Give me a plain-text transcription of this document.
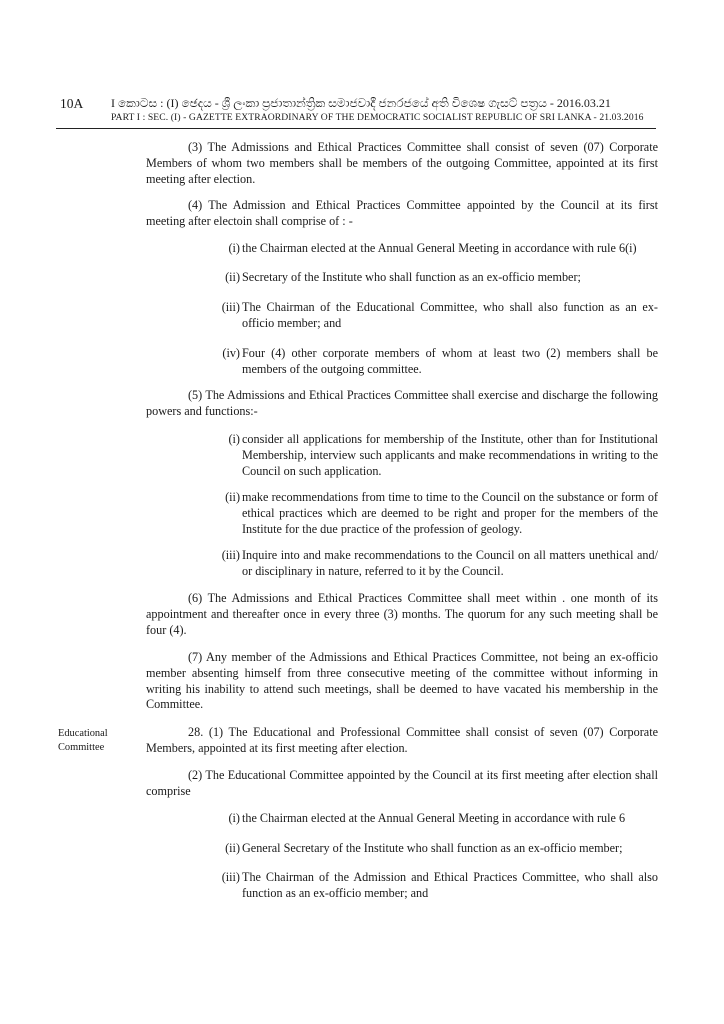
10A I කොටස : (I) ඡෙදය - ශ්‍රී ලංකා ප්‍රජාතාන්ත්‍රික සමාජවාදී ජනරජයේ අති විශෙෂ ගැසට් පත්‍රය - 2016.03.21
PART I : SEC. (I) - GAZETTE EXTRAORDINARY OF THE DEMOCRATIC SOCIALIST REPUBLIC OF SRI LANKA - 21.03.2016

(3) The Admissions and Ethical Practices Committee shall consist of seven (07) Corporate Members of whom two members shall be members of the outgoing Committee, appointed at its first meeting after election.

(4) The Admission and Ethical Practices Committee appointed by the Council at its first meeting after electoin shall comprise of : -

(i) the Chairman elected at the Annual General Meeting in accordance with rule 6(i)
(ii) Secretary of the Institute who shall function as an ex-officio member;
(iii) The Chairman of the Educational Committee, who shall also function as an ex-officio member; and
(iv) Four (4) other corporate members of whom at least two (2) members shall be members of the outgoing committee.

(5) The Admissions and Ethical Practices Committee shall exercise and discharge the following powers and functions:-

(i) consider all applications for membership of the Institute, other than for Institutional Membership, interview such applicants and make recommendations in writing to the Council on such application.
(ii) make recommendations from time to time to the Council on the substance or form of ethical practices which are deemed to be right and proper for the members of the Institute for the due practice of the profession of geology.
(iii) Inquire into and make recommendations to the Council on all matters unethical and/ or disciplinary in nature, referred to it by the Council.

(6) The Admissions and Ethical Practices Committee shall meet within . one month of its appointment and thereafter once in every three (3) months. The quorum for any such meeting shall be four (4).

(7) Any member of the Admissions and Ethical Practices Committee, not being an ex-officio member absenting himself from three consecutive meeting of the committee without informing in writing his inability to attend such meetings, shall be deemed to have vacated his membership in the Committee.

Educational
Committee

28. (1) The Educational and Professional Committee shall consist of seven (07) Corporate Members, appointed at its first meeting after election.

(2) The Educational Committee appointed by the Council at its first meeting after election shall comprise

(i) the Chairman elected at the Annual General Meeting in accordance with rule 6
(ii) General Secretary of the Institute who shall function as an ex-officio member;
(iii) The Chairman of the Admission and Ethical Practices Committee, who shall also function as an ex-officio member; and
